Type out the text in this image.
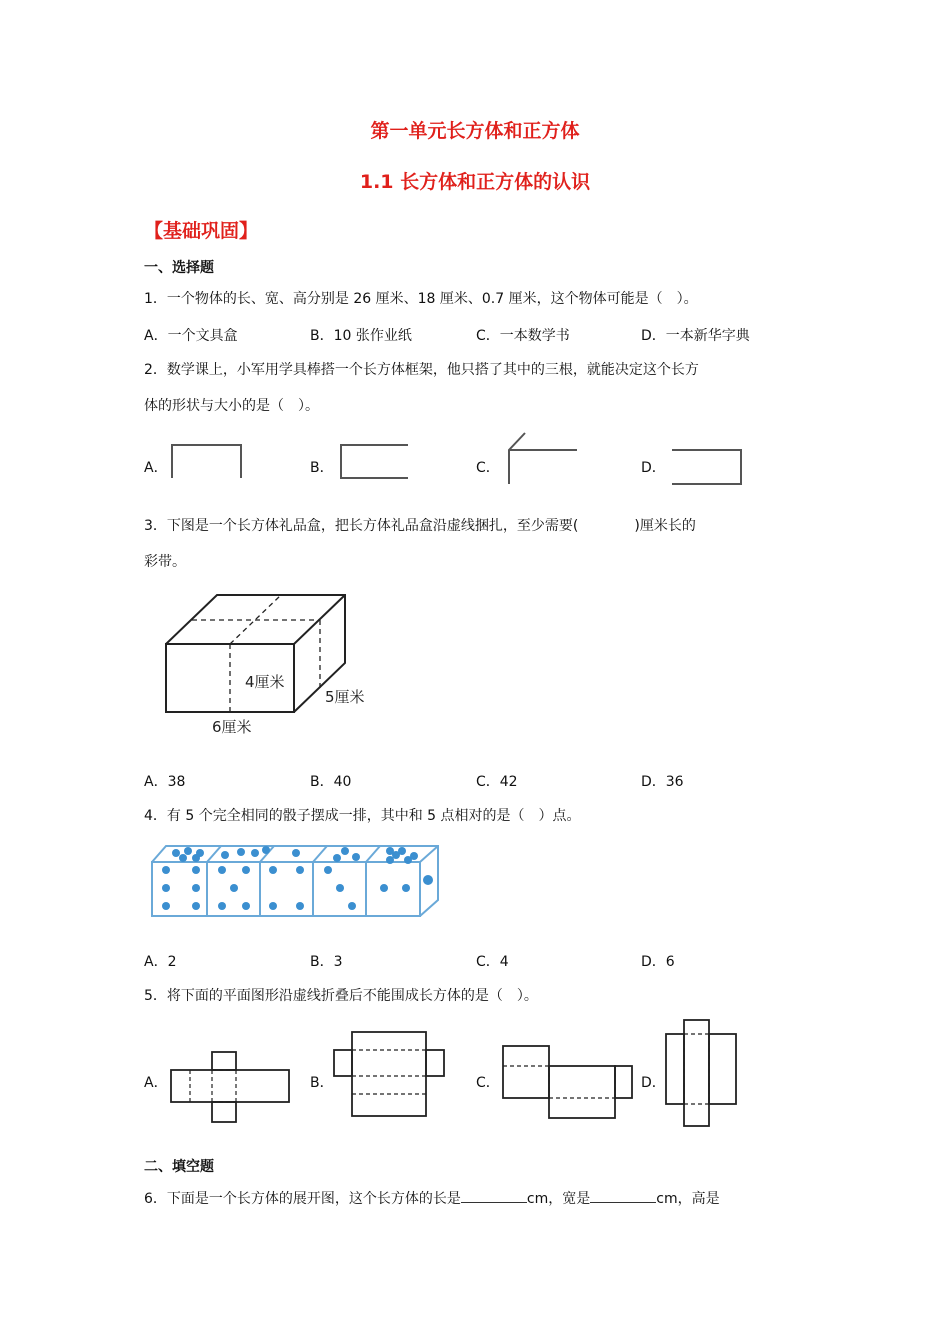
第一单元长方体和正方体
1.1 长方体和正方体的认识
【基础巩固】
一、选择题
1．一个物体的长、宽、高分别是 26 厘米、18 厘米、0.7 厘米，这个物体可能是（　）。
A．一个文具盒	B．10 张作业纸	C．一本数学书	D．一本新华字典
2．数学课上，小军用学具棒搭一个长方体框架，他只搭了其中的三根，就能决定这个长方
体的形状与大小的是（　）。
A．	B．	C．	D．
3．下图是一个长方体礼品盒，把长方体礼品盒沿虚线捆扎，至少需要(　　　　)厘米长的
彩带。
4厘米
5厘米
6厘米
A．38	B．40	C．42	D．36
4．有 5 个完全相同的骰子摆成一排，其中和 5 点相对的是（　）点。
A．2	B．3	C．4	D．6
5．将下面的平面图形沿虚线折叠后不能围成长方体的是（　）。
A．	B．	C．	D．
二、填空题
6．下面是一个长方体的展开图，这个长方体的长是	cm，宽是	cm，高是
